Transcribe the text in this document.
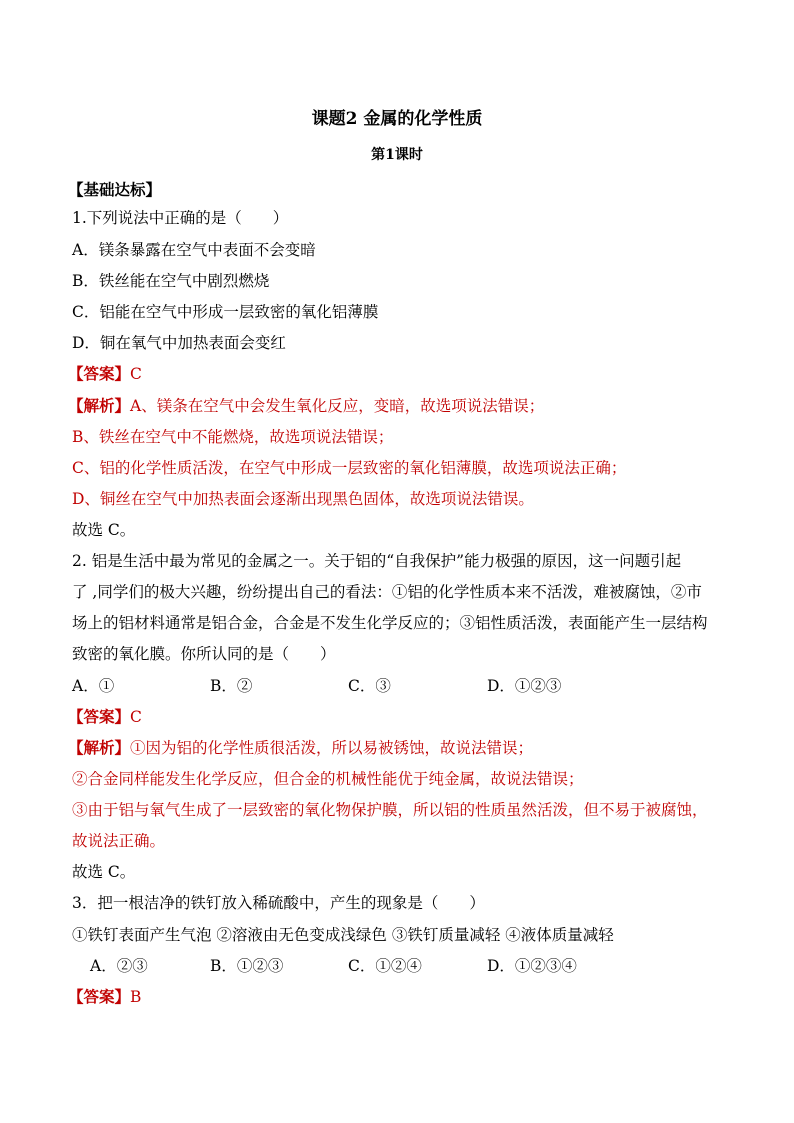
课题2 金属的化学性质
第1课时
【基础达标】
1.下列说法中正确的是（　　）
A．镁条暴露在空气中表面不会变暗
B．铁丝能在空气中剧烈燃烧
C．铝能在空气中形成一层致密的氧化铝薄膜
D．铜在氧气中加热表面会变红
【答案】C
【解析】A、镁条在空气中会发生氧化反应，变暗，故选项说法错误；
B、铁丝在空气中不能燃烧，故选项说法错误；
C、铝的化学性质活泼，在空气中形成一层致密的氧化铝薄膜，故选项说法正确；
D、铜丝在空气中加热表面会逐渐出现黑色固体，故选项说法错误。
故选 C。
2. 铝是生活中最为常见的金属之一。关于铝的“自我保护”能力极强的原因，这一问题引起
了 ,同学们的极大兴趣，纷纷提出自己的看法：①铝的化学性质本来不活泼，难被腐蚀，②市
场上的铝材料通常是铝合金，合金是不发生化学反应的；③铝性质活泼，表面能产生一层结构
致密的氧化膜。你所认同的是（　　）
A．①	B．②	C．③	D．①②③
【答案】C
【解析】①因为铝的化学性质很活泼，所以易被锈蚀，故说法错误；
②合金同样能发生化学反应，但合金的机械性能优于纯金属，故说法错误；
③由于铝与氧气生成了一层致密的氧化物保护膜，所以铝的性质虽然活泼，但不易于被腐蚀，
故说法正确。
故选 C。
3．把一根洁净的铁钉放入稀硫酸中，产生的现象是（　　）
①铁钉表面产生气泡 ②溶液由无色变成浅绿色 ③铁钉质量减轻 ④液体质量减轻
A．②③	B．①②③	C．①②④	D．①②③④
【答案】B
